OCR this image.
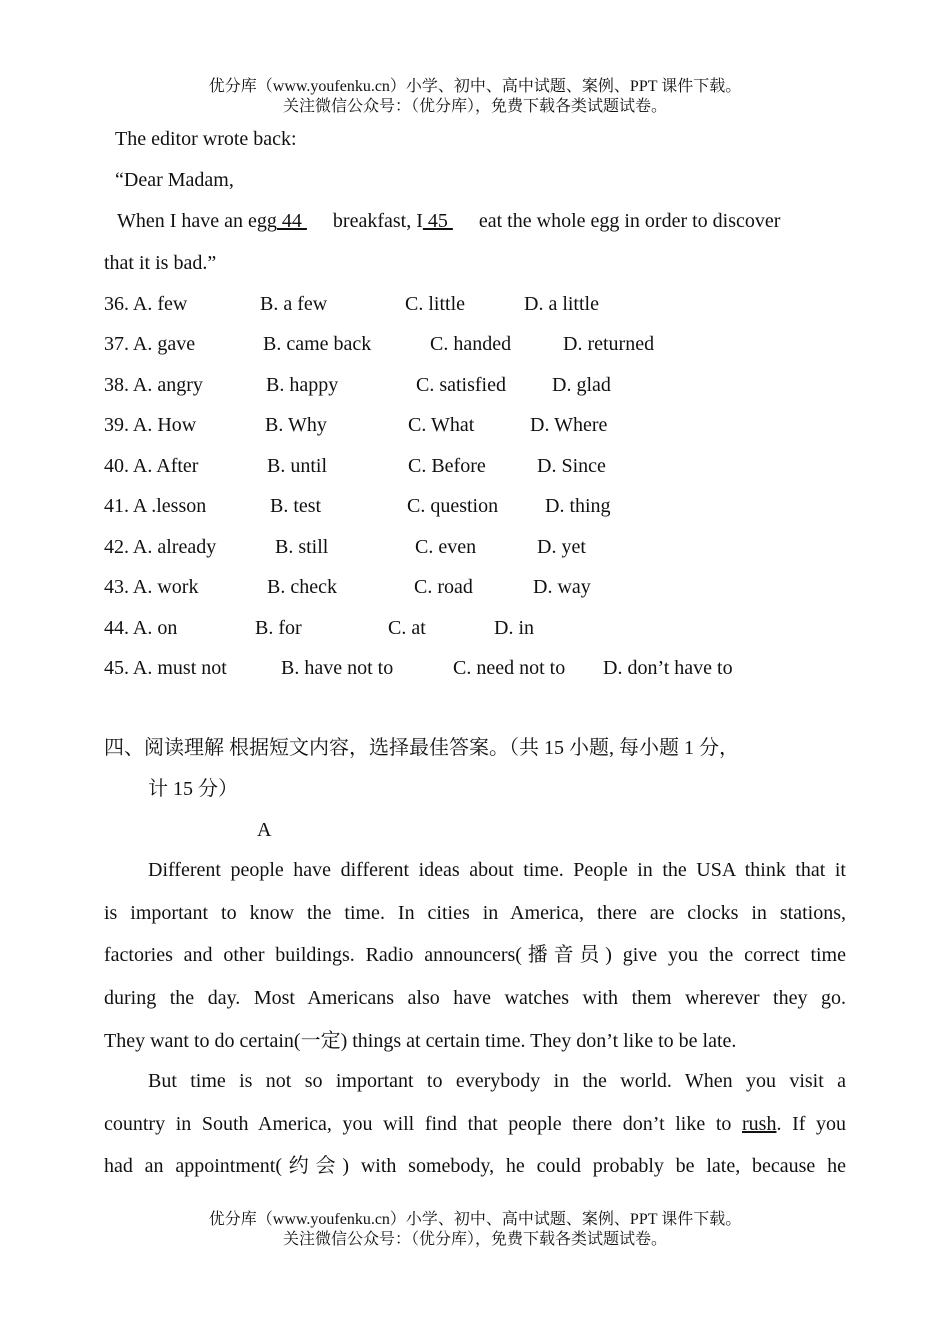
优分库（www.youfenku.cn）小学、初中、高中试题、案例、PPT 课件下载。
关注微信公众号：（优分库），免费下载各类试题试卷。
The editor wrote back:
“Dear Madam,
When I have an egg 44 breakfast, I 45 eat the whole egg in order to discover
that it is bad.”
36. A. few	B. a few	C. little	D. a little
37. A. gave	B. came back	C. handed	D. returned
38. A. angry	B. happy	C. satisfied D. glad
39. A. How	B. Why	C. What	D. Where
40. A. After	B. until	C. Before	D. Since
41. A .lesson	B. test	C. question D. thing
42. A. already	B. still	C. even	D. yet
43. A. work	B. check	C. road	D. way
44. A. on	B. for	C. at	D. in
45. A. must not	B. have not to	C. need not to D. don’t have to
四、阅读理解 根据短文内容，选择最佳答案。（共 15 小题, 每小题 1 分，
计 15 分）
A
Different people have different ideas about time. People in the USA think that it
is important to know the time. In cities in America, there are clocks in stations,
factories and other buildings. Radio announcers(播音员) give you the correct time
during the day. Most Americans also have watches with them wherever they go.
They want to do certain(一定) things at certain time. They don’t like to be late.
But time is not so important to everybody in the world. When you visit a
country in South America, you will find that people there don’t like to rush. If you
had an appointment(约会) with somebody, he could probably be late, because he
优分库（www.youfenku.cn）小学、初中、高中试题、案例、PPT 课件下载。
关注微信公众号：（优分库），免费下载各类试题试卷。
